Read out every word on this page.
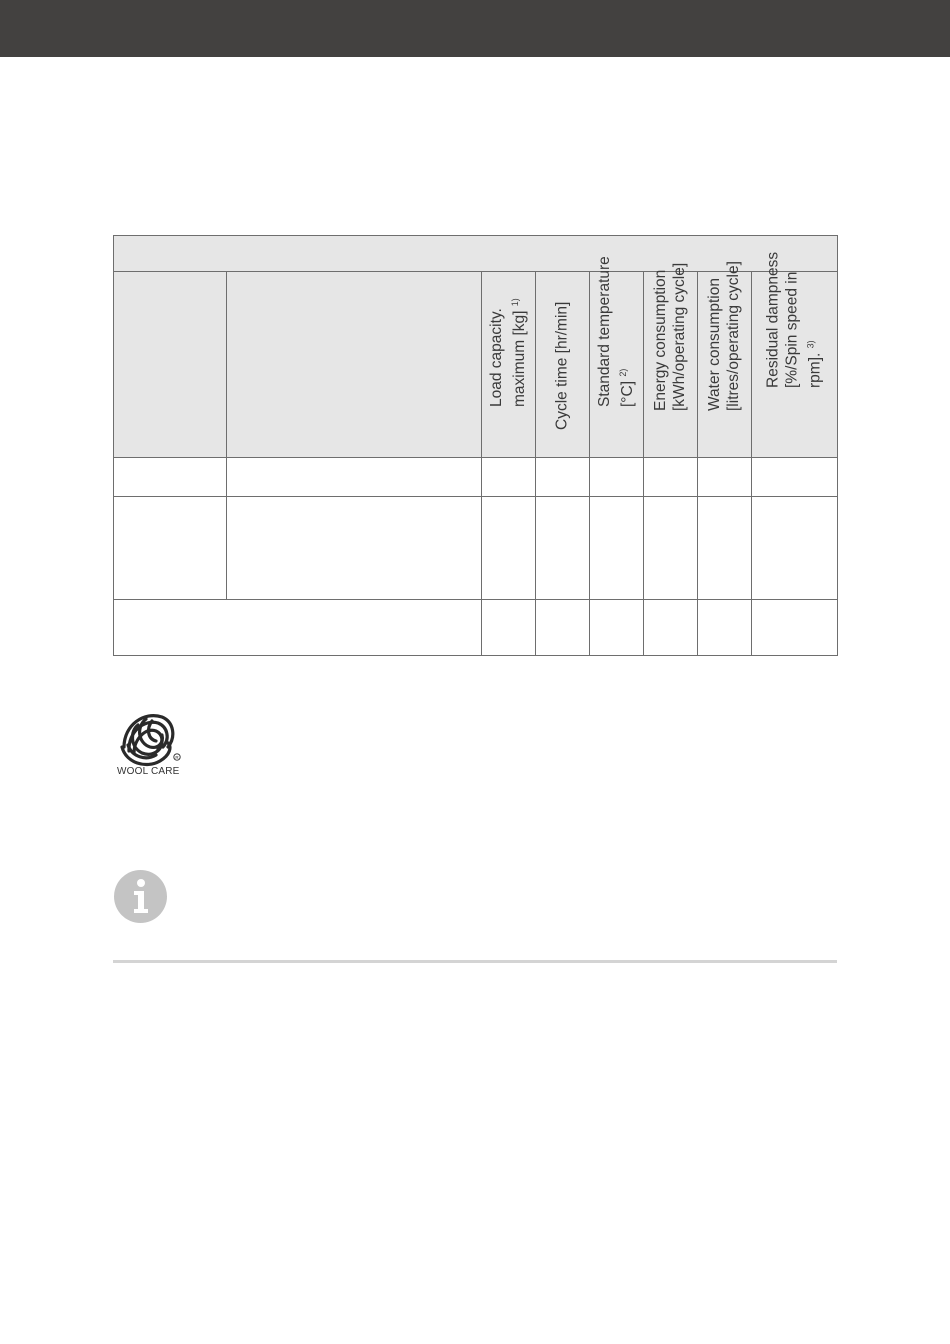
		Load capacity. maximum [kg] $^{1)}$	Cycle time [hr/min]	Standard temperature [°C] $^{2)}$	Energy consumption [kWh/operating cycle]	Water consumption [litres/operating cycle]	Residual dampness [%/Spin speed in rpm]. $^{3)}$

R
WOOL CARE
